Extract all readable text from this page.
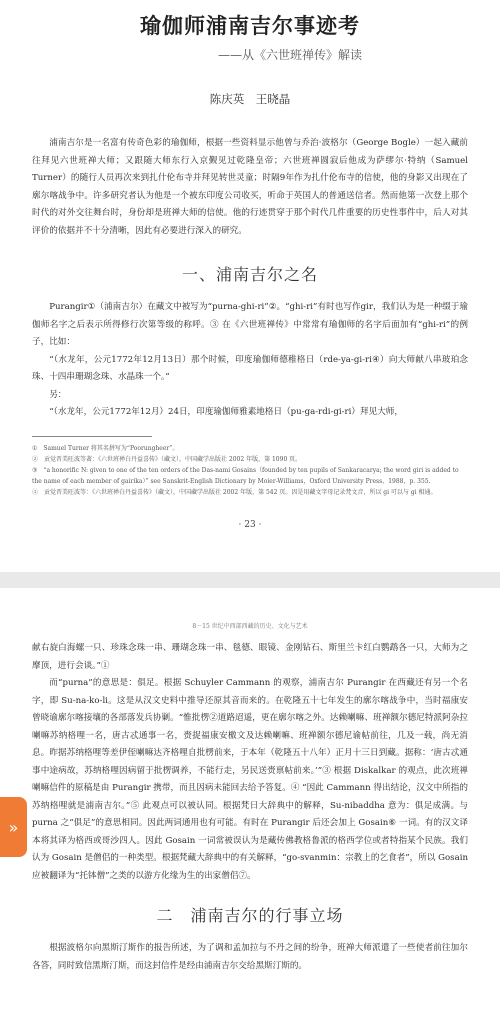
瑜伽师浦南吉尔事迹考
——从《六世班禅传》解读
陈庆英　王晓晶

浦南吉尔是一名富有传奇色彩的瑜伽师，根据一些资料显示他曾与乔治·波格尔（George Bogle）一起入藏前往拜见六世班禅大师；又跟随大师东行入京觐见过乾隆皇帝；六世班禅圆寂后他成为萨缪尔·特纳（Samuel Turner）的随行人员再次来到扎什伦布寺并拜见转世灵童；时隔9年作为扎什伦布寺的信使，他的身影又出现在了廓尔喀战争中。许多研究者认为他是一个被东印度公司收买，听命于英国人的普通送信者。然而他第一次登上那个时代的对外交往舞台时，身份却是班禅大师的信使。他的行迹贯穿于那个时代几件重要的历史性事件中，后人对其评价的依据并不十分清晰，因此有必要进行深入的研究。

一、浦南吉尔之名

Purangir①（浦南吉尔）在藏文中被写为“purna-ghi-ri”②。“ghi-ri”有时也写作gir，我们认为是一种缀于瑜伽师名字之后表示所得修行次第等级的称呼。③ 在《六世班禅传》中常常有瑜伽师的名字后面加有“ghi-ri”的例子，比如：

“（水龙年，公元1772年12月13日）那个时候，印度瑜伽师德稚格日（rde-ya-gi-ri④）向大师献八串玻珀念珠、十四串珊瑚念珠、水晶珠一个。”

另：

“（水龙年，公元1772年12月）24日，印度瑜伽师雅素地格日（pu-ga-rdi-gi-ri）拜见大师，

①　Samuel Turner 将其名拼写为“Poorungheer”。

②　贡觉晋美旺波等著：《六世班禅白丹益喜传》（藏文），中国藏学出版社 2002 年版，第 1090 页。

③　“a honorific N: given to one of the ten orders of the Das-nami Gosains（founded by ten pupils of Sankaracarya; the word giri is added to the name of each member of gairika）” see Sanskrit-English Dictionary by Moier-Williams，Oxford University Press，1988，p. 355.

④　贡觉晋美旺波等：《六世班禅白丹益喜传》（藏文），中国藏学出版社 2002 年版，第 542 页。因是用藏文字母记录梵文音，所以 gi 可以与 gi 相通。

· 23 ·
8－15 世纪中西部西藏的历史、文化与艺术

献右旋白海螺一只、珍珠念珠一串、珊瑚念珠一串、毯德、眼镜、金刚钻石、斯里兰卡红白鹦鹉各一只，大师为之摩顶，进行会谈。”①

而“purna”的意思是：俱足。根据 Schuyler Cammann 的观察，浦南吉尔 Purangir 在西藏还有另一个名字，即 Su-na-ko-li。这是从汉文史料中推导还原其音而来的。在乾隆五十七年发生的廓尔喀战争中，当时福康安曾晓谕廓尔喀接壤的各部落发兵协剿。“惟批楞②道路迢遥，更在廓尔喀之外。达赖喇嘛、班禅额尔德尼特派阿杂拉喇嘛苏纳格哩一名，唐古忒通事一名，赍捉福康安檄文及达赖喇嘛、班禅额尔德尼谕帖前往，几及一载，尚无消息。昨据苏纳格哩等差伊侄喇嘛达齐格哩自批楞前来，于本年（乾隆五十八年）正月十三日到藏。据称：‘唐古忒通事中途病故，苏纳格哩因病留于批楞调养，不能行走，另民送赍禀帖前来。’”③ 根据 Diskalkar 的观点，此次班禅喇嘛信件的原稿是由 Purangir 携带，而且因病未能回去给予答复。④ “因此 Cammann 得出结论，汉文中所指的苏纳格哩就是浦南吉尔。”⑤ 此观点可以被认同。根据梵日大辞典中的解释，Su-nibaddha 意为：俱足成满。与 purna 之“俱足”的意思相同。因此两词通用也有可能。有时在 Purangir 后还会加上 Gosain⑥ 一词。有的汉文译本将其译为格西或哥沙四人。因此 Gosain 一词常被误认为是藏传佛教格鲁派的格西学位或者特指某个民族。我们认为 Gosain 是僧侣的一种类型。根据梵藏大辞典中的有关解释，“go-svanmin：宗教上的乞食者”，所以 Gosain 应被翻译为“托钵僧”之类的以游方化缘为生的出家僧侣⑦。

二　浦南吉尔的行事立场

根据波格尔向黑斯汀斯作的报告所述，为了调和孟加拉与不丹之间的纷争，班禅大师派遣了一些使者前往加尔各答，同时致信黑斯汀斯，而这封信件是经由浦南吉尔交给黑斯汀斯的。

»
